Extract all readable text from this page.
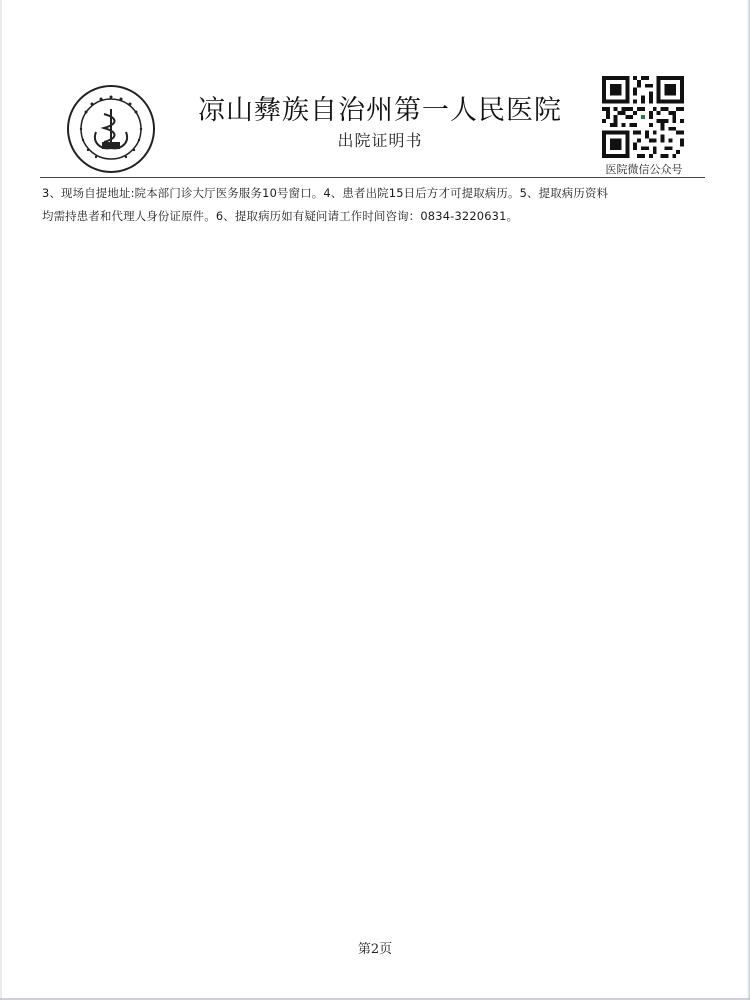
凉山彝族自治州第一人民医院
出院证明书
医院微信公众号
3、现场自提地址:院本部门诊大厅医务服务10号窗口。4、患者出院15日后方才可提取病历。5、提取病历资料
均需持患者和代理人身份证原件。6、提取病历如有疑问请工作时间咨询：0834-3220631。
第2页
